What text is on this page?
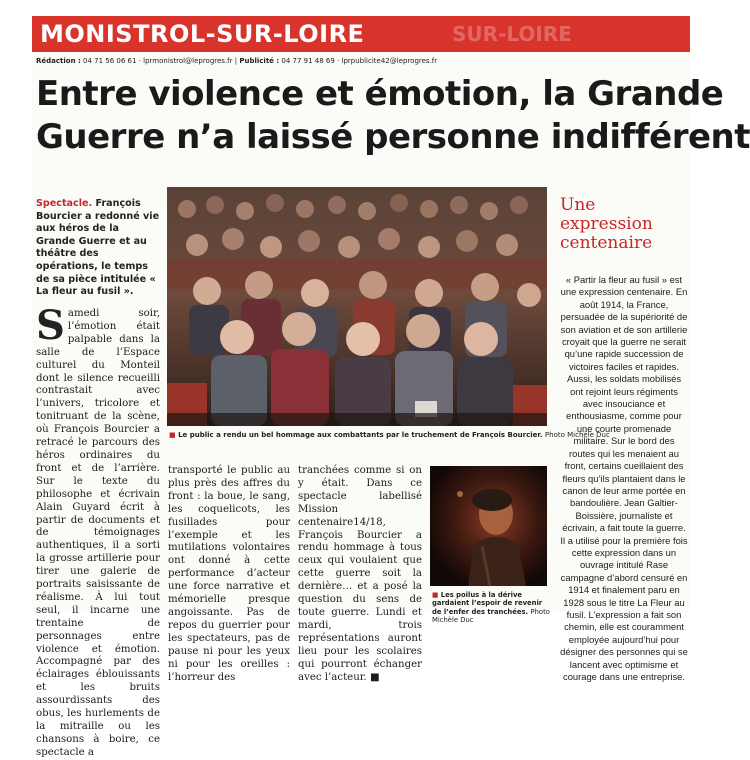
MONISTROL-SUR-LOIRE	SUR-LOIRE
Rédaction : 04 71 56 06 61 · lprmonistrol@leprogres.fr | Publicité : 04 77 91 48 69 · lprpublicite42@leprogres.fr
Entre violence et émotion, la Grande
Guerre n’a laissé personne indifférent

Spectacle. François Bourcier a redonné vie aux héros de la Grande Guerre et au théâtre des opérations, le temps de sa pièce intitulée « La fleur au fusil ».

Samedi soir, l’émotion était palpable dans la salle de l’Espace culturel du Monteil dont le silence recueilli contrastait avec l’univers, tricolore et tonitruant de la scène, où François Bourcier a retracé le parcours des héros ordinaires du front et de l’arrière. Sur le texte du philosophe et écrivain Alain Guyard écrit à partir de documents et de témoignages authentiques, il a sorti la grosse artillerie pour tirer une galerie de portraits saisissante de réalisme. À lui tout seul, il incarne une trentaine de personnages entre violence et émotion. Accompagné par des éclairages éblouissants et les bruits assourdissants des obus, les hurlements de la mitraille ou les chansons à boire, ce spectacle a

■ Le public a rendu un bel hommage aux combattants par le truchement de François Bourcier. Photo Michèle Duc

transporté le public au plus près des affres du front : la boue, le sang, les coquelicots, les fusillades pour l’exemple et les mutilations volontaires ont donné à cette performance d’acteur une force narrative et mémorielle presque angoissante. Pas de repos du guerrier pour les spectateurs, pas de pause ni pour les yeux ni pour les oreilles : l’horreur des

tranchées comme si on y était. Dans ce spectacle labellisé Mission centenaire14/18, François Bourcier a rendu hommage à tous ceux qui voulaient que cette guerre soit la dernière… et a posé la question du sens de toute guerre. Lundi et mardi, trois représentations auront lieu pour les scolaires qui pourront échanger avec l’acteur. ■

■ Les poilus à la dérive gardaient l’espoir de revenir de l’enfer des tranchées. Photo Michèle Duc
Une expression centenaire

« Partir la fleur au fusil » est une expression centenaire. En août 1914, la France, persuadée de la supériorité de son aviation et de son artillerie croyait que la guerre ne serait qu’une rapide succession de victoires faciles et rapides. Aussi, les soldats mobilisés ont rejoint leurs régiments avec insouciance et enthousiasme, comme pour une courte promenade militaire. Sur le bord des routes qui les menaient au front, certains cueillaient des fleurs qu’ils plantaient dans le canon de leur arme portée en bandoulière. Jean Galtier-Boissière, journaliste et écrivain, a fait toute la guerre. Il a utilisé pour la première fois cette expression dans un ouvrage intitulé Rase campagne d’abord censuré en 1914 et finalement paru en 1928 sous le titre La Fleur au fusil. L’expression a fait son chemin, elle est couramment employée aujourd’hui pour désigner des personnes qui se lancent avec optimisme et courage dans une entreprise.
